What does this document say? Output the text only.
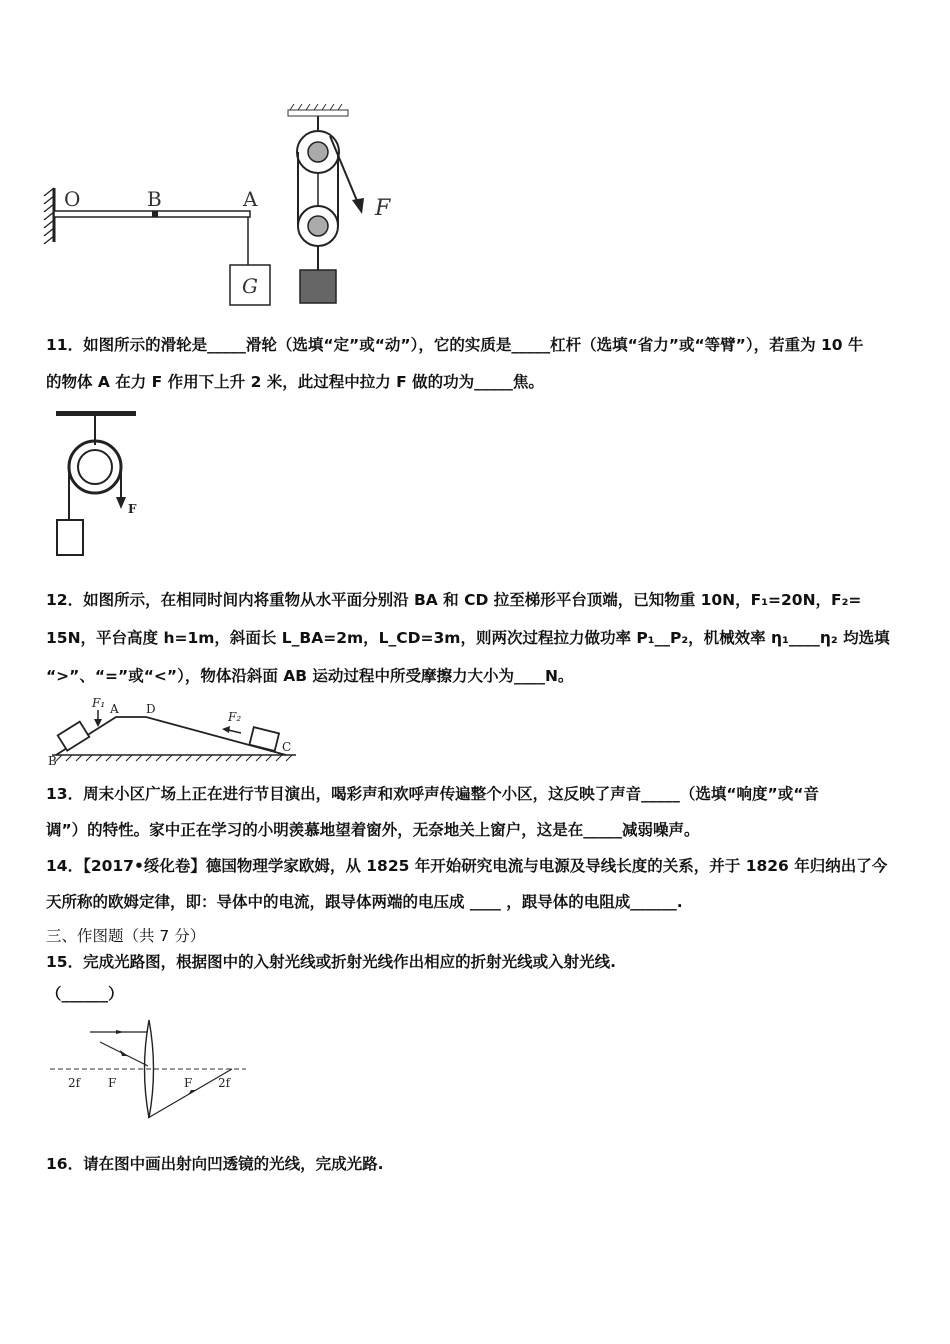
O	B	A
G
F
11．如图所示的滑轮是_____滑轮（选填“定”或“动”），它的实质是_____杠杆（选填“省力”或“等臂”），若重为 10 牛
的物体 A 在力 F 作用下上升 2 米，此过程中拉力 F 做的功为_____焦。
F
12．如图所示，在相同时间内将重物从水平面分别沿 BA 和 CD 拉至梯形平台顶端，已知物重 10N，F₁=20N，F₂=
15N，平台高度 h=1m，斜面长 L_BA=2m，L_CD=3m，则两次过程拉力做功率 P₁__P₂，机械效率 η₁____η₂ 均选填
“>”、“=”或“<”），物体沿斜面 AB 运动过程中所受摩擦力大小为____N。
F₁ A D
F₂
B
C
13．周末小区广场上正在进行节目演出，喝彩声和欢呼声传遍整个小区，这反映了声音_____（选填“响度”或“音
调”）的特性。家中正在学习的小明羡慕地望着窗外，无奈地关上窗户，这是在_____减弱噪声。
14．【2017•绥化卷】德国物理学家欧姆，从 1825 年开始研究电流与电源及导线长度的关系，并于 1826 年归纳出了今
天所称的欧姆定律，即：导体中的电流，跟导体两端的电压成 ____ ，跟导体的电阻成______.
三、作图题（共 7 分）
15．完成光路图，根据图中的入射光线或折射光线作出相应的折射光线或入射光线.
（______）
2f F	F 2f
16．请在图中画出射向凹透镜的光线，完成光路.
